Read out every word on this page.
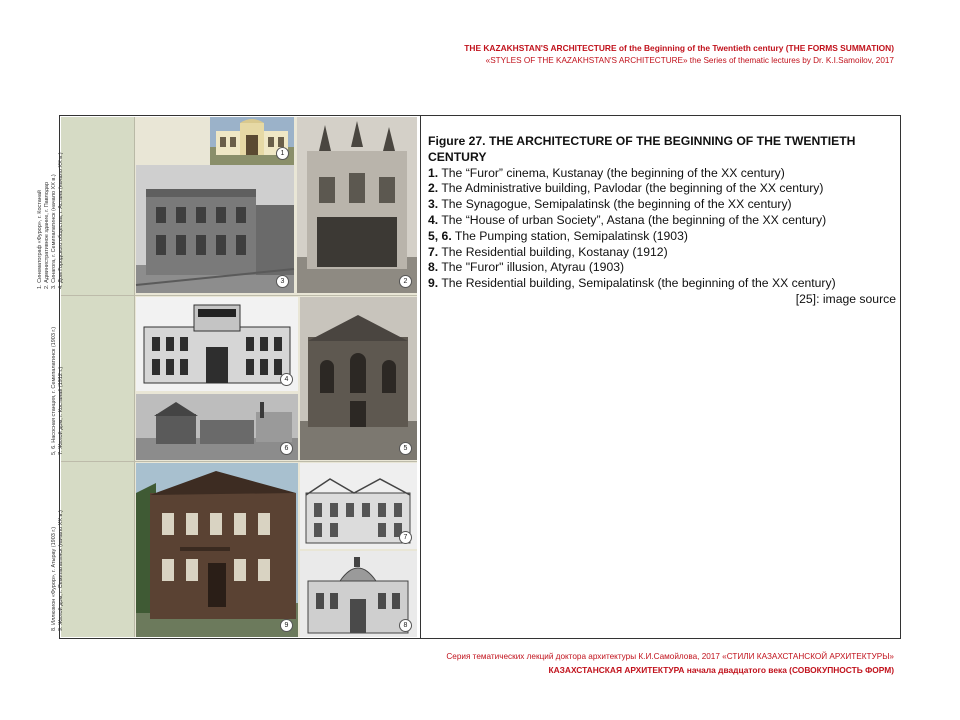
THE KAZAKHSTAN'S ARCHITECTURE of the Beginning of the Twentieth century (THE FORMS SUMMATION)
«STYLES OF THE KAZAKHSTAN'S ARCHITECTURE» the Series of thematic lectures by Dr. K.I.Samoilov, 2017
1. Синематограф «Фурор», г. Костанай
2. Административное здание, г. Павлодар
3. Синагога, г. Семипалатинск (начало XX в.)
4. Дом Городского общества, г. Астана (начало XX в.)
5, 6. Насосная станция, г. Семипалатинск (1903 г.)
7. Жилой дом, г. Костанай (1912 г.)
8. Иллюзион «Фурор», г. Атырау (1903 г.)
9. Жилой дом, г. Семипалатинск (начало XX в.)
1
3	2
4
6	5
9
7
8
Figure 27. THE ARCHITECTURE OF THE BEGINNING OF THE TWENTIETH CENTURY
1. The “Furor” cinema, Kustanay (the beginning of the XX century)
2. The Administrative building, Pavlodar (the beginning of the XX century)
3. The Synagogue, Semipalatinsk (the beginning of the XX century)
4. The “House of urban Society”, Astana (the beginning of the XX century)
5, 6. The Pumping station, Semipalatinsk (1903)
7. The Residential building, Kostanay (1912)
8. The "Furor" illusion, Atyrau (1903)
9. The Residential building, Semipalatinsk (the beginning of the XX century)
[25]: image source
Серия тематических лекций доктора архитектуры К.И.Самойлова, 2017 «СТИЛИ КАЗАХСТАНСКОЙ АРХИТЕКТУРЫ»
КАЗАХСТАНСКАЯ АРХИТЕКТУРА начала двадцатого века (СОВОКУПНОСТЬ ФОРМ)
